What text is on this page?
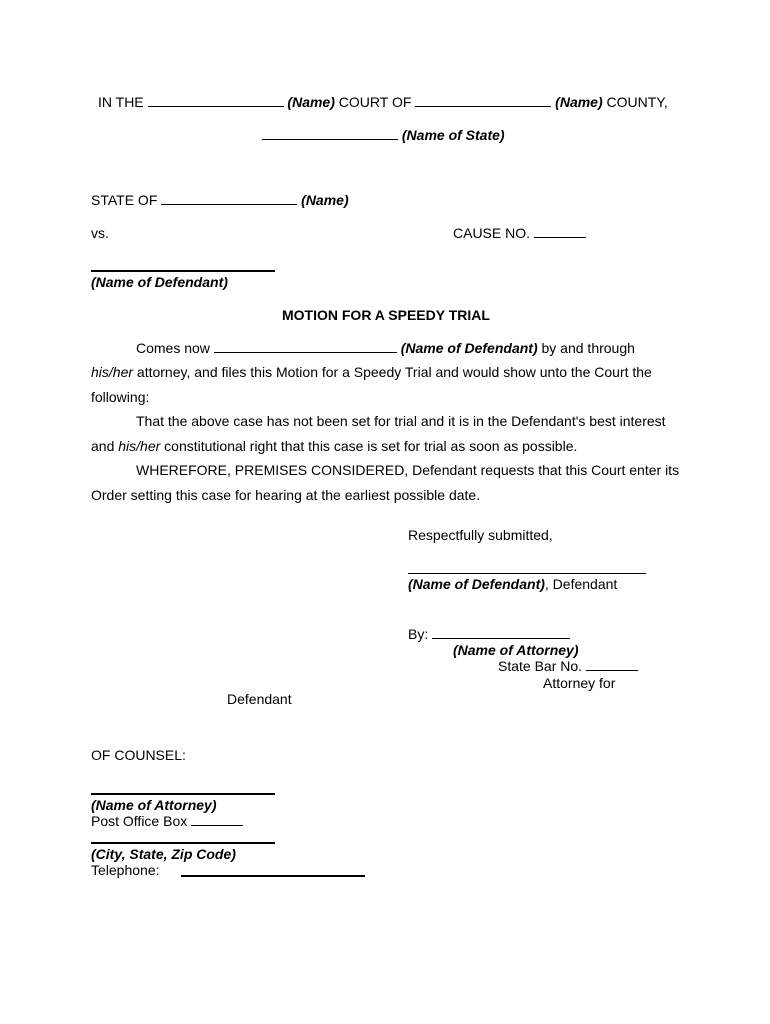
IN THE	(Name) COURT OF	(Name) COUNTY,
(Name of State)
STATE OF	(Name)
vs.	CAUSE NO.
(Name of Defendant)
MOTION FOR A SPEEDY TRIAL
Comes now	(Name of Defendant) by and through
his/her attorney, and files this Motion for a Speedy Trial and would show unto the Court the
following:
That the above case has not been set for trial and it is in the Defendant's best interest
and his/her constitutional right that this case is set for trial as soon as possible.
WHEREFORE, PREMISES CONSIDERED, Defendant requests that this Court enter its
Order setting this case for hearing at the earliest possible date.
Respectfully submitted,
(Name of Defendant), Defendant
By:
(Name of Attorney)
State Bar No.
Attorney for
Defendant
OF COUNSEL:
(Name of Attorney)
Post Office Box
(City, State, Zip Code)
Telephone:
